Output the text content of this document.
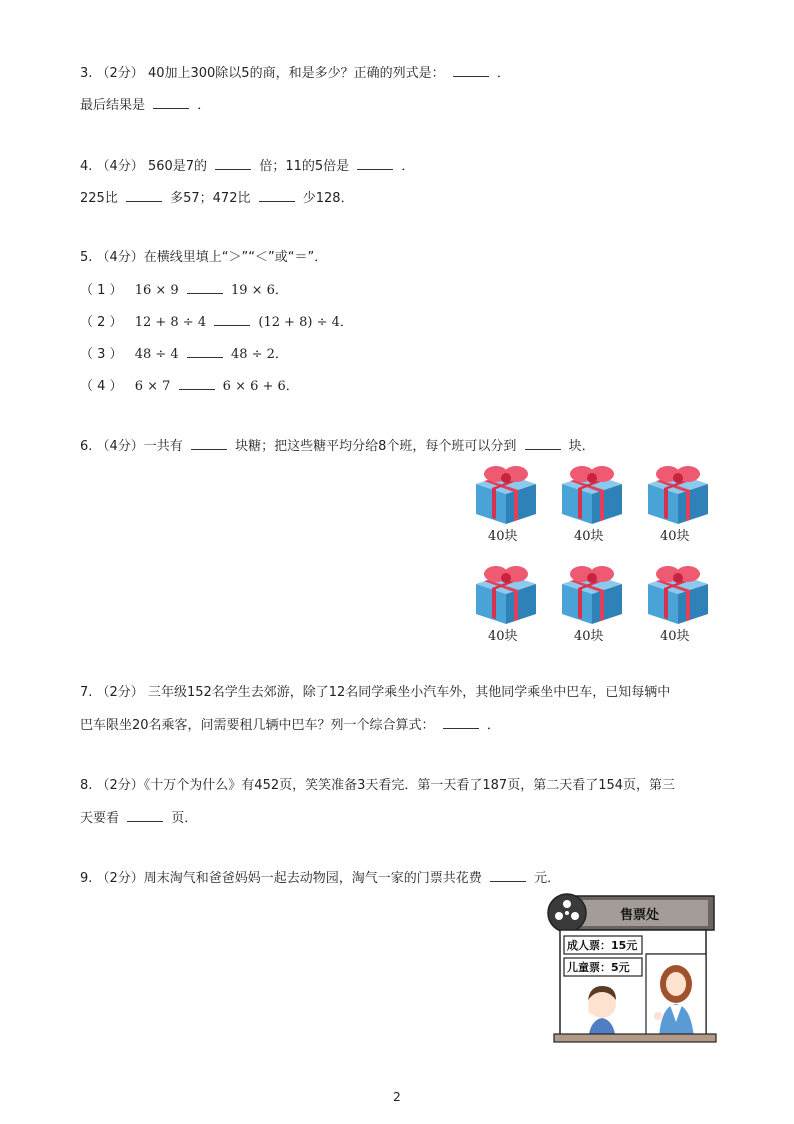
3. （2分） 40加上300除以5的商，和是多少？正确的列式是：	．
最后结果是	．
4. （4分） 560是7的	倍；11的5倍是	．
225比	多57；472比	少128．
5. （4分）在横线里填上“＞”“＜”或“＝”．
（ 1 ） 16 × 9	19 × 6．
（ 2 ） 12 + 8 ÷ 4	(12 + 8) ÷ 4．
（ 3 ） 48 ÷ 4	48 ÷ 2．
（ 4 ） 6 × 7	6 × 6 + 6．
6. （4分）一共有	块糖；把这些糖平均分给8个班，每个班可以分到	块．
40块	40块	40块
40块	40块	40块
7. （2分） 三年级152名学生去郊游，除了12名同学乘坐小汽车外，其他同学乘坐中巴车，已知每辆中
巴车限坐20名乘客，问需要租几辆中巴车？列一个综合算式：	．
8. （2分）《十万个为什么》有452页，笑笑准备3天看完．第一天看了187页，第二天看了154页，第三
天要看	页．
9. （2分）周末淘气和爸爸妈妈一起去动物园，淘气一家的门票共花费	元．
售票处
成人票：15元
儿童票：5元
2
